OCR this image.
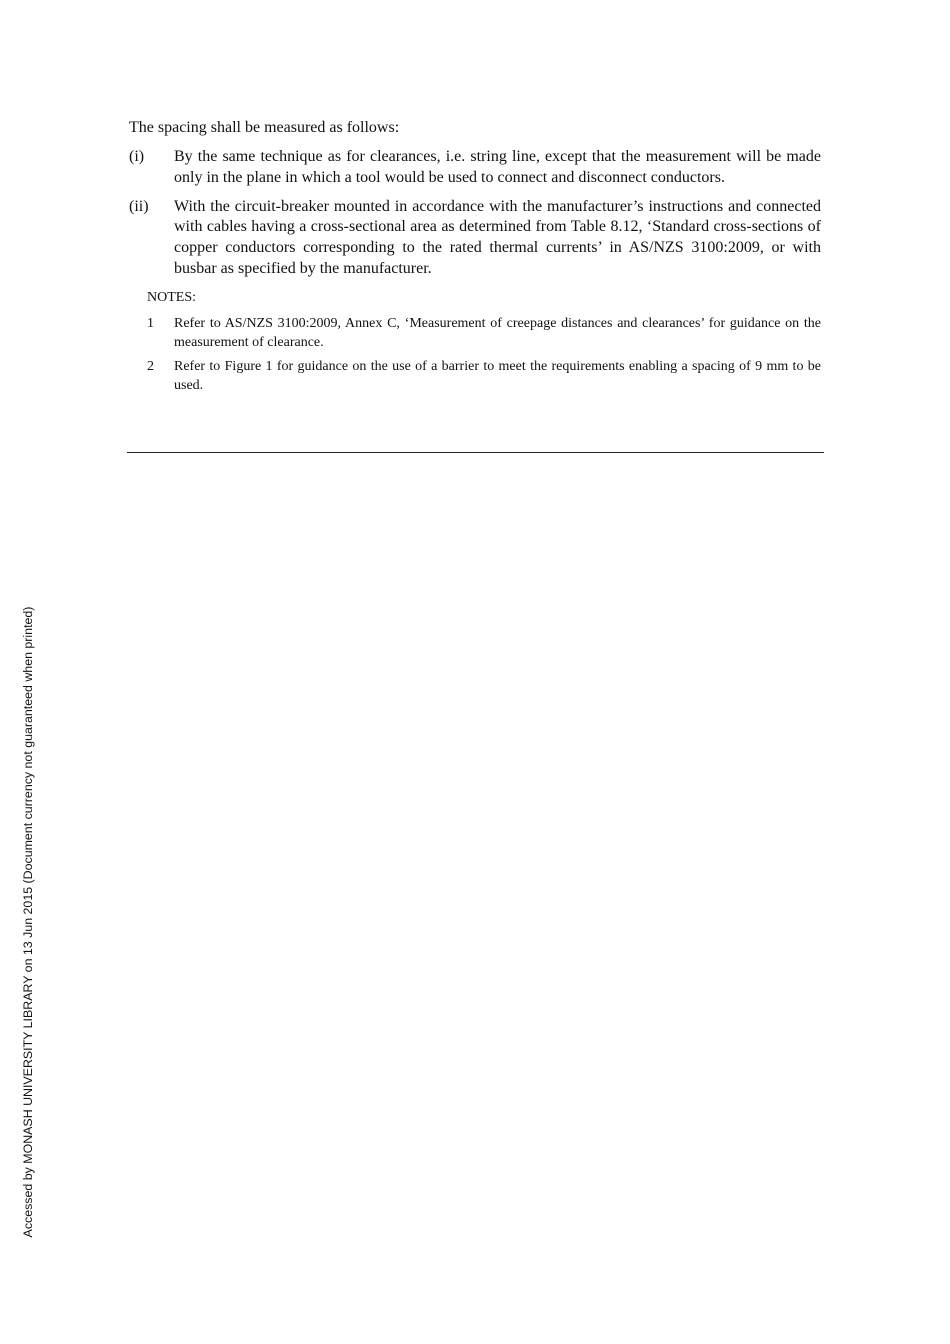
The spacing shall be measured as follows:

(i)	By the same technique as for clearances, i.e. string line, except that the measurement will be made only in the plane in which a tool would be used to connect and disconnect conductors.
(ii)	With the circuit-breaker mounted in accordance with the manufacturer’s instructions and connected with cables having a cross-sectional area as determined from Table 8.12, ‘Standard cross-sections of copper conductors corresponding to the rated thermal currents’ in AS/NZS 3100:2009, or with busbar as specified by the manufacturer.
NOTES:
1	Refer to AS/NZS 3100:2009, Annex C, ‘Measurement of creepage distances and clearances’ for guidance on the measurement of clearance.
2	Refer to Figure 1 for guidance on the use of a barrier to meet the requirements enabling a spacing of 9 mm to be used.
Accessed by MONASH UNIVERSITY LIBRARY on 13 Jun 2015 (Document currency not guaranteed when printed)
